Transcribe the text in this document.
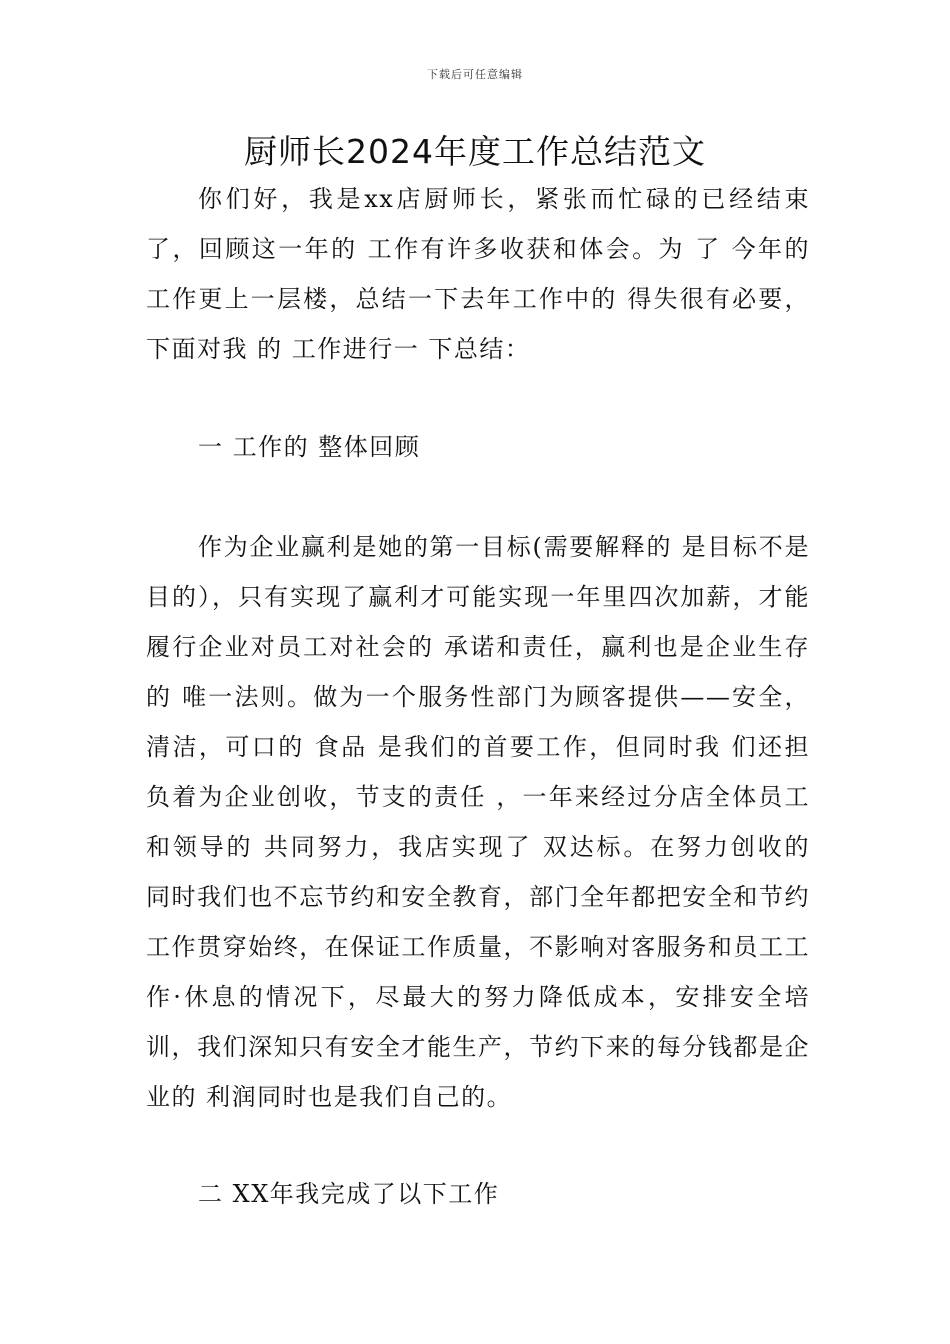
下载后可任意编辑
厨师长2024年度工作总结范文

你们好，我是xx店厨师长，紧张而忙碌的已经结束了，回顾这一年的 工作有许多收获和体会。为 了 今年的 工作更上一层楼，总结一下去年工作中的 得失很有必要，下面对我 的 工作进行一 下总结：

一 工作的 整体回顾

作为企业赢利是她的第一目标(需要解释的 是目标不是目的），只有实现了赢利才可能实现一年里四次加薪，才能履行企业对员工对社会的 承诺和责任，赢利也是企业生存的 唯一法则。做为一个服务性部门为顾客提供——安全，清洁，可口的 食品 是我们的首要工作，但同时我 们还担负着为企业创收，节支的责任 ，一年来经过分店全体员工和领导的 共同努力，我店实现了 双达标。在努力创收的 同时我们也不忘节约和安全教育，部门全年都把安全和节约工作贯穿始终，在保证工作质量，不影响对客服务和员工工作·休息的情况下，尽最大的努力降低成本，安排安全培训，我们深知只有安全才能生产，节约下来的每分钱都是企业的 利润同时也是我们自己的。

二 XX年我完成了以下工作
